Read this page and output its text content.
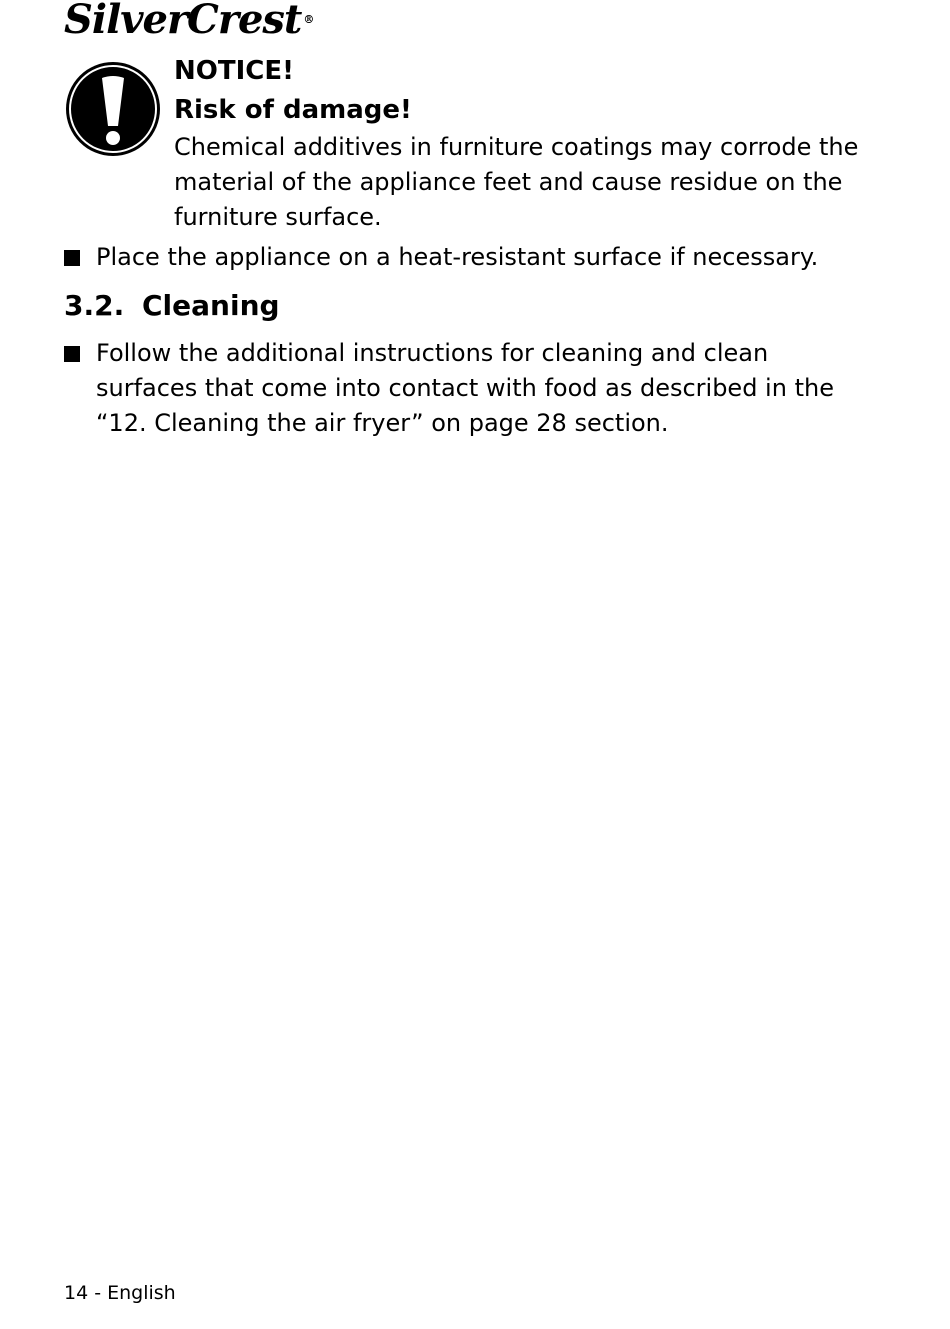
SilverCrest ®
NOTICE!
Risk of damage!
Chemical additives in furniture coatings may corrode the material of the appliance feet and cause residue on the furniture surface.
Place the appliance on a heat-resistant surface if necessary.
3.2. Cleaning
Follow the additional instructions for cleaning and clean surfaces that come into contact with food as described in the “12. Cleaning the air fryer” on page 28 section.
14 - English
